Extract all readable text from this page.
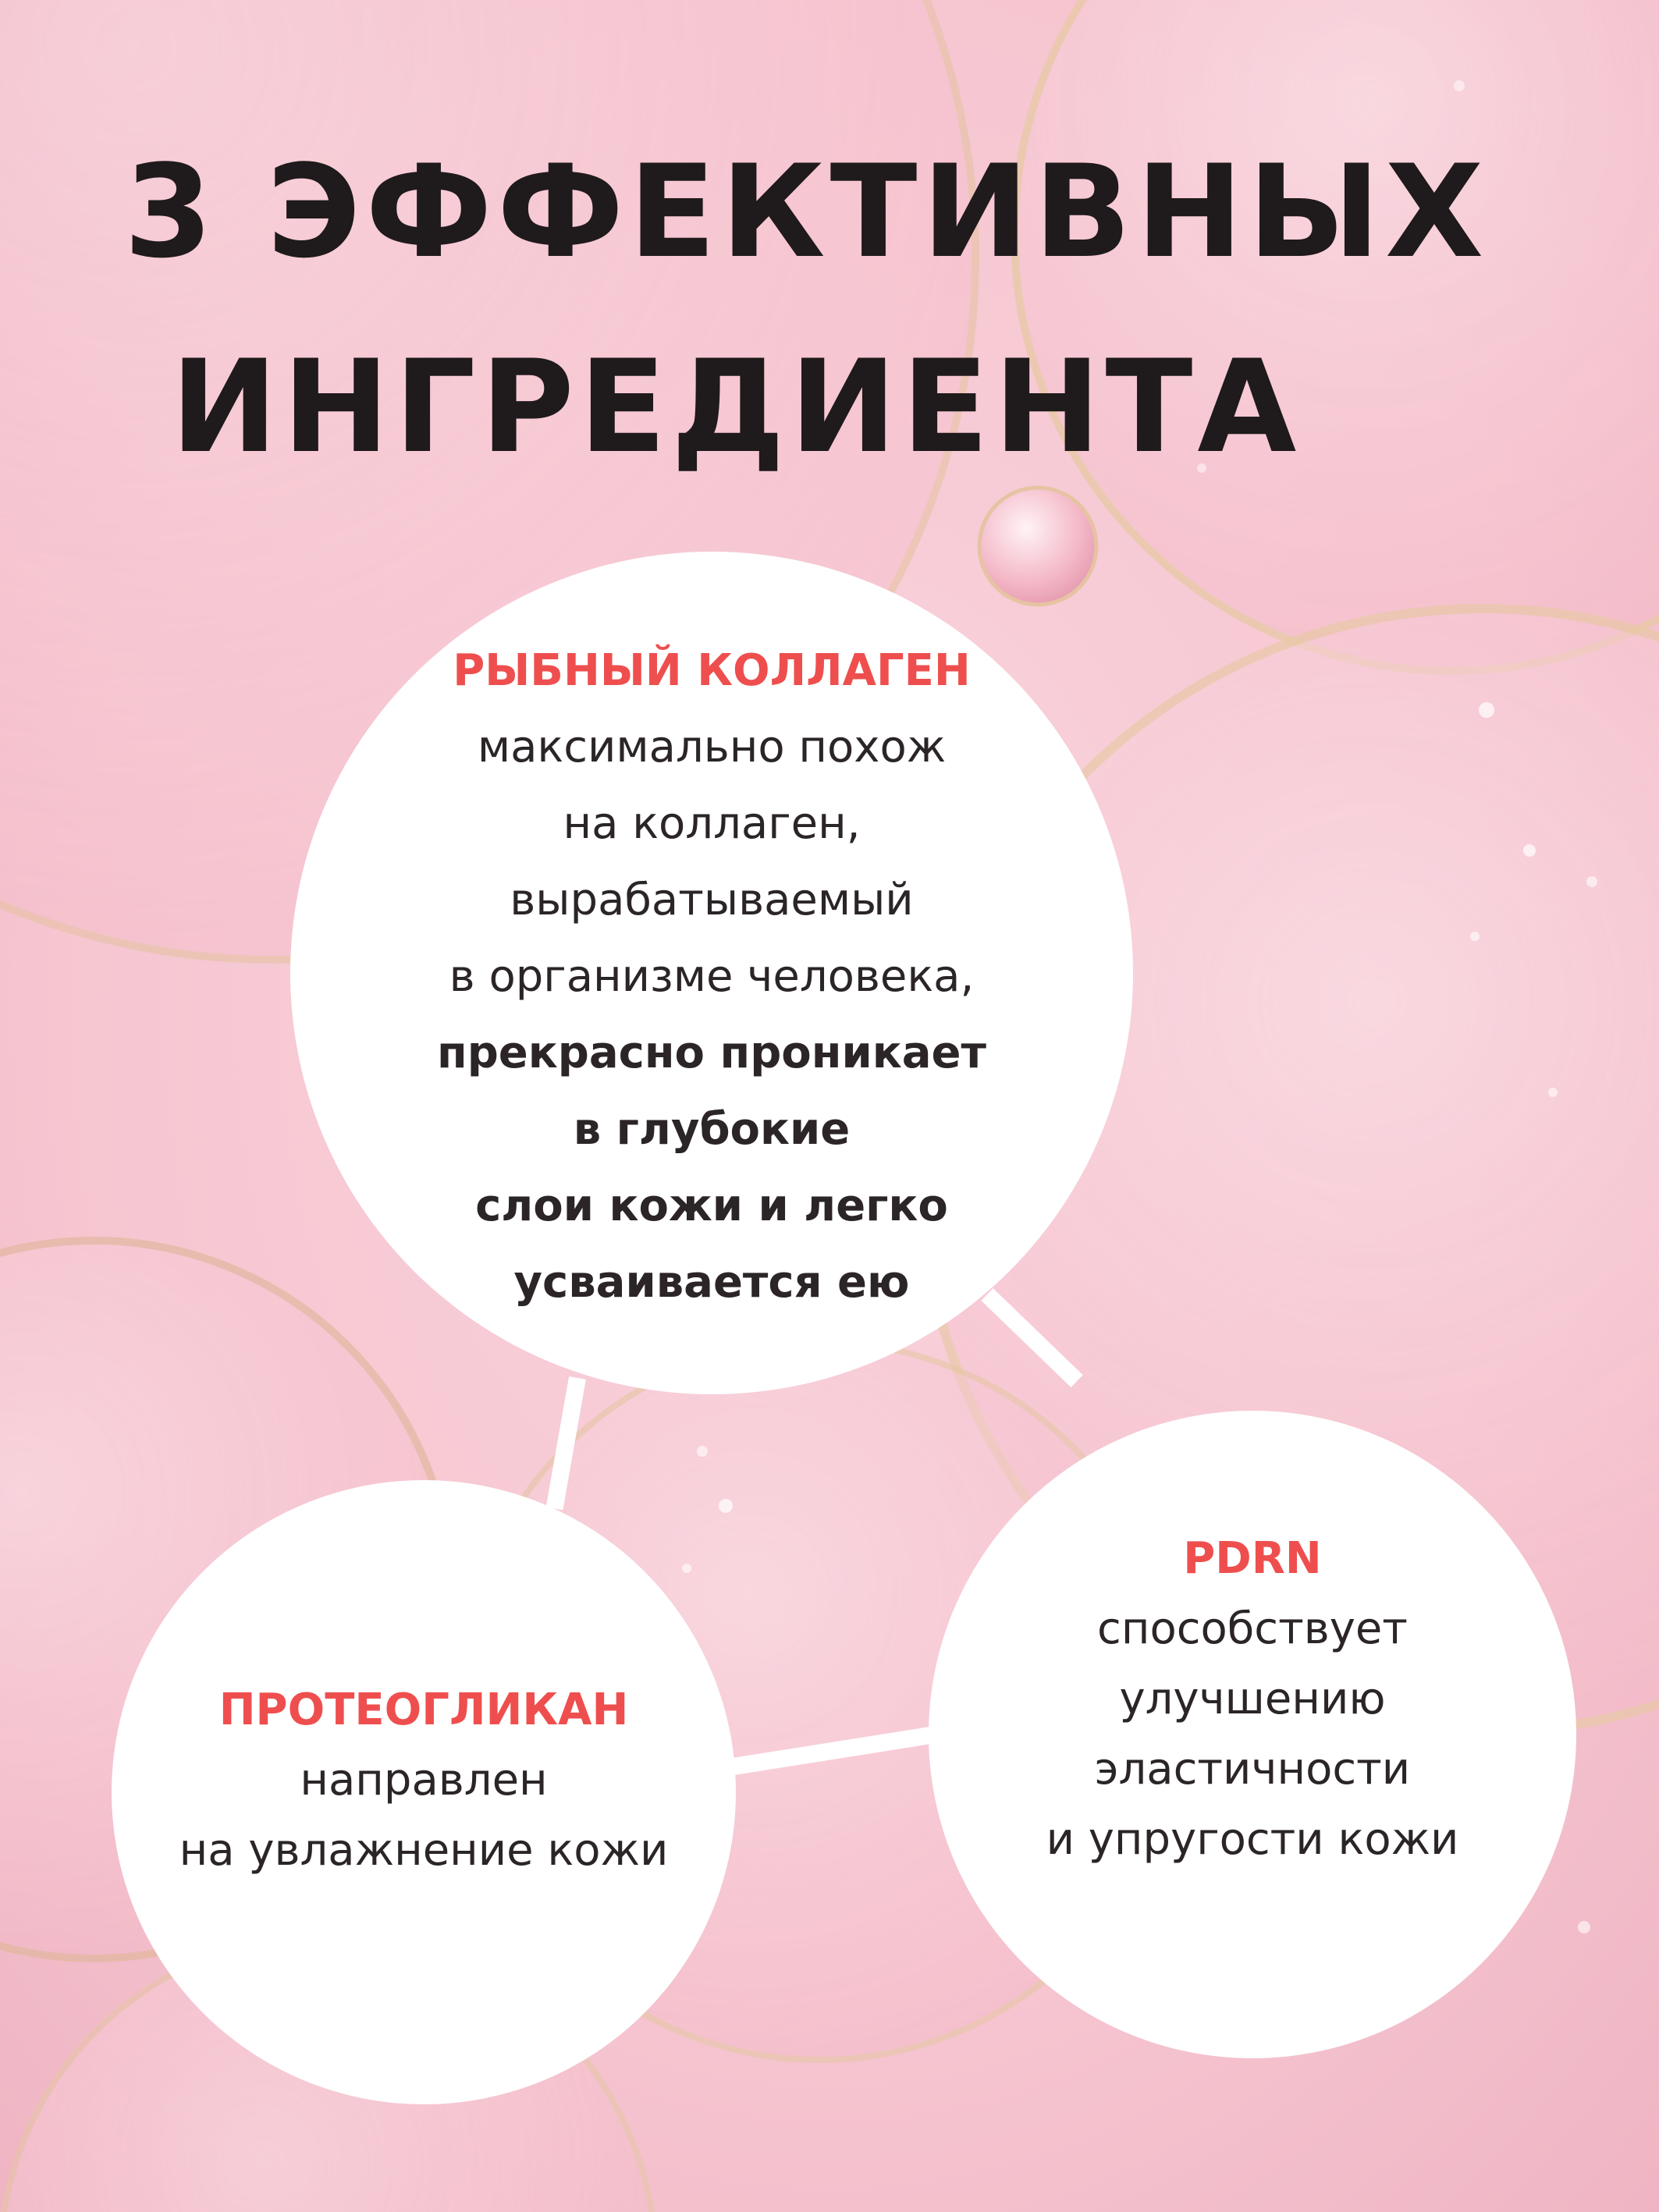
3 ЭФФЕКТИВНЫХ
ИНГРЕДИЕНТА
РЫБНЫЙ КОЛЛАГЕН
максимально похож
на коллаген,
вырабатываемый
в организме человека,
прекрасно проникает
в глубокие
слои кожи и легко
усваивается ею
PDRN
способствует
улучшению
эластичности
и упругости кожи
ПРОТЕОГЛИКАН
направлен
на увлажнение кожи
